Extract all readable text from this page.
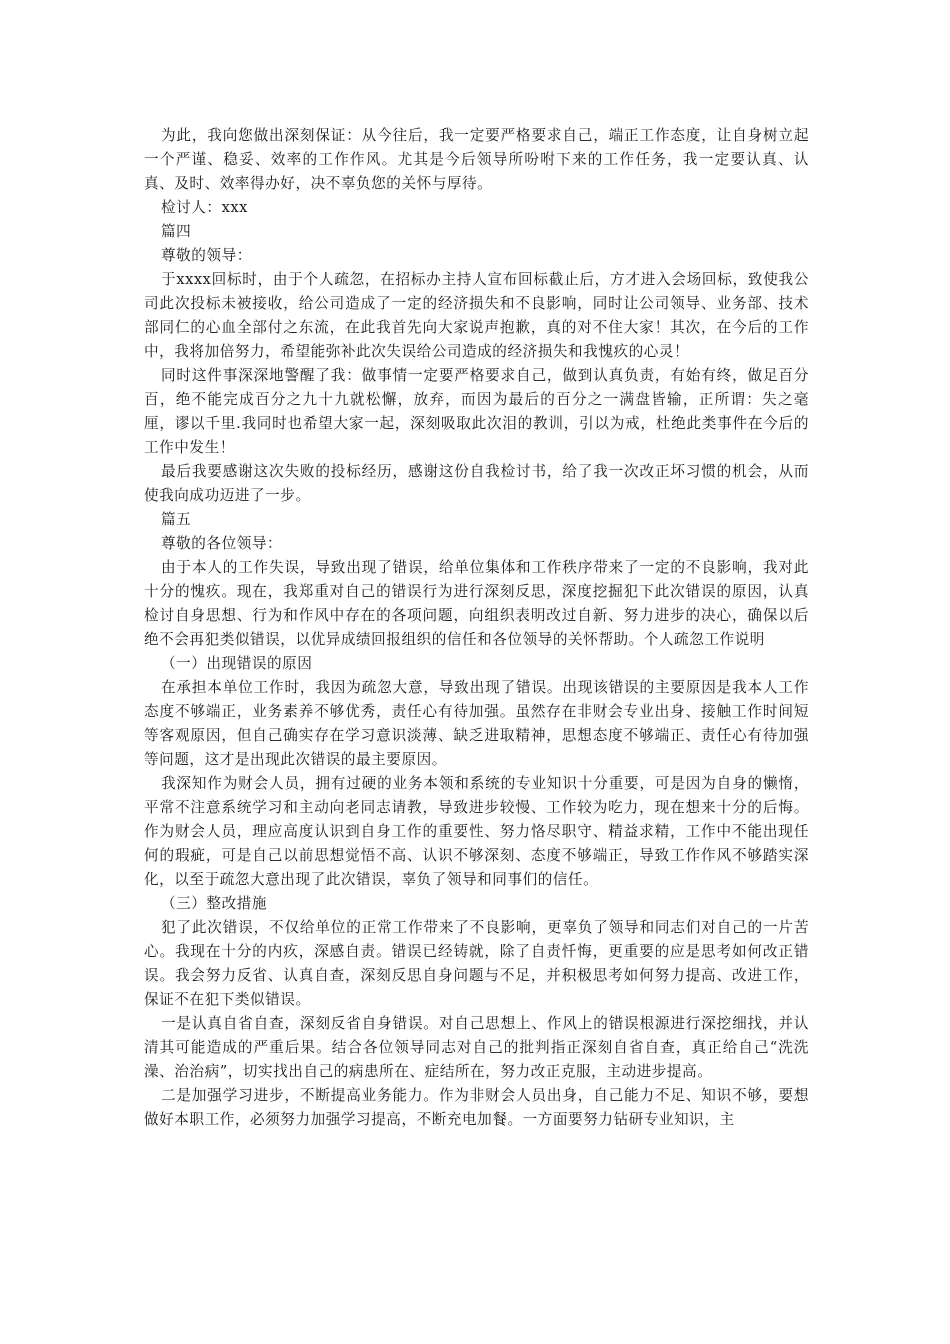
为此，我向您做出深刻保证：从今往后，我一定要严格要求自己，端正工作态度，让自身树立起一个严谨、稳妥、效率的工作作风。尤其是今后领导所吩咐下来的工作任务，我一定要认真、认真、及时、效率得办好，决不辜负您的关怀与厚待。

检讨人：xxx

篇四

尊敬的领导：

于xxxx回标时，由于个人疏忽，在招标办主持人宣布回标截止后，方才进入会场回标，致使我公司此次投标未被接收，给公司造成了一定的经济损失和不良影响，同时让公司领导、业务部、技术部同仁的心血全部付之东流，在此我首先向大家说声抱歉，真的对不住大家！其次，在今后的工作中，我将加倍努力，希望能弥补此次失误给公司造成的经济损失和我愧疚的心灵！

同时这件事深深地警醒了我：做事情一定要严格要求自己，做到认真负责，有始有终，做足百分百，绝不能完成百分之九十九就松懈，放弃，而因为最后的百分之一满盘皆输，正所谓：失之毫厘，谬以千里.我同时也希望大家一起，深刻吸取此次泪的教训，引以为戒，杜绝此类事件在今后的工作中发生！

最后我要感谢这次失败的投标经历，感谢这份自我检讨书，给了我一次改正坏习惯的机会，从而使我向成功迈进了一步。

篇五

尊敬的各位领导：

由于本人的工作失误，导致出现了错误，给单位集体和工作秩序带来了一定的不良影响，我对此十分的愧疚。现在，我郑重对自己的错误行为进行深刻反思，深度挖掘犯下此次错误的原因，认真检讨自身思想、行为和作风中存在的各项问题，向组织表明改过自新、努力进步的决心，确保以后绝不会再犯类似错误，以优异成绩回报组织的信任和各位领导的关怀帮助。个人疏忽工作说明

（一）出现错误的原因

在承担本单位工作时，我因为疏忽大意，导致出现了错误。出现该错误的主要原因是我本人工作态度不够端正，业务素养不够优秀，责任心有待加强。虽然存在非财会专业出身、接触工作时间短等客观原因，但自己确实存在学习意识淡薄、缺乏进取精神，思想态度不够端正、责任心有待加强等问题，这才是出现此次错误的最主要原因。

我深知作为财会人员，拥有过硬的业务本领和系统的专业知识十分重要，可是因为自身的懒惰，平常不注意系统学习和主动向老同志请教，导致进步较慢、工作较为吃力，现在想来十分的后悔。作为财会人员，理应高度认识到自身工作的重要性、努力恪尽职守、精益求精，工作中不能出现任何的瑕疵，可是自己以前思想觉悟不高、认识不够深刻、态度不够端正，导致工作作风不够踏实深化，以至于疏忽大意出现了此次错误，辜负了领导和同事们的信任。

（三）整改措施

犯了此次错误，不仅给单位的正常工作带来了不良影响，更辜负了领导和同志们对自己的一片苦心。我现在十分的内疚，深感自责。错误已经铸就，除了自责忏悔，更重要的应是思考如何改正错误。我会努力反省、认真自查，深刻反思自身问题与不足，并积极思考如何努力提高、改进工作，保证不在犯下类似错误。

一是认真自省自查，深刻反省自身错误。对自己思想上、作风上的错误根源进行深挖细找，并认清其可能造成的严重后果。结合各位领导同志对自己的批判指正深刻自省自查，真正给自己“洗洗澡、治治病”，切实找出自己的病患所在、症结所在，努力改正克服，主动进步提高。

二是加强学习进步，不断提高业务能力。作为非财会人员出身，自己能力不足、知识不够，要想做好本职工作，必须努力加强学习提高，不断充电加餐。一方面要努力钻研专业知识，主
